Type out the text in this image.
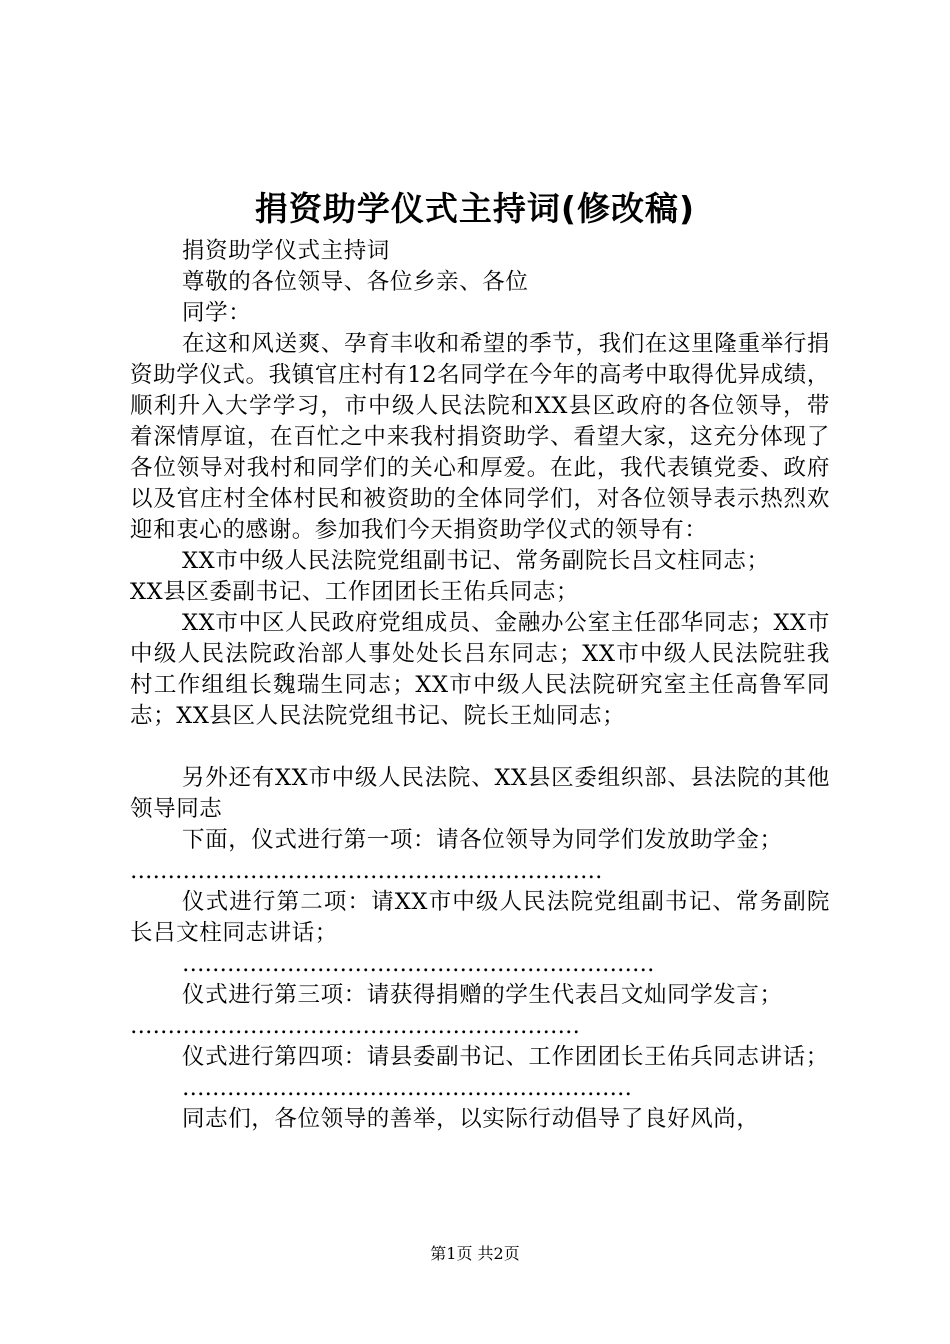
捐资助学仪式主持词(修改稿)

捐资助学仪式主持词

尊敬的各位领导、各位乡亲、各位

同学：

在这和风送爽、孕育丰收和希望的季节，我们在这里隆重举行捐资助学仪式。我镇官庄村有12名同学在今年的高考中取得优异成绩，顺利升入大学学习，市中级人民法院和XX县区政府的各位领导，带着深情厚谊，在百忙之中来我村捐资助学、看望大家，这充分体现了各位领导对我村和同学们的关心和厚爱。在此，我代表镇党委、政府以及官庄村全体村民和被资助的全体同学们，对各位领导表示热烈欢迎和衷心的感谢。参加我们今天捐资助学仪式的领导有：

XX市中级人民法院党组副书记、常务副院长吕文柱同志；

XX县区委副书记、工作团团长王佑兵同志；

XX市中区人民政府党组成员、金融办公室主任邵华同志；XX市中级人民法院政治部人事处处长吕东同志；XX市中级人民法院驻我村工作组组长魏瑞生同志；XX市中级人民法院研究室主任高鲁军同志；XX县区人民法院党组书记、院长王灿同志；

另外还有XX市中级人民法院、XX县区委组织部、县法院的其他领导同志

下面，仪式进行第一项：请各位领导为同学们发放助学金；

………………………………………………………

仪式进行第二项：请XX市中级人民法院党组副书记、常务副院长吕文柱同志讲话；

………………………………………………………

仪式进行第三项：请获得捐赠的学生代表吕文灿同学发言；

……………………………………………………

仪式进行第四项：请县委副书记、工作团团长王佑兵同志讲话；

……………………………………………………

同志们，各位领导的善举，以实际行动倡导了良好风尚，

第1页 共2页
